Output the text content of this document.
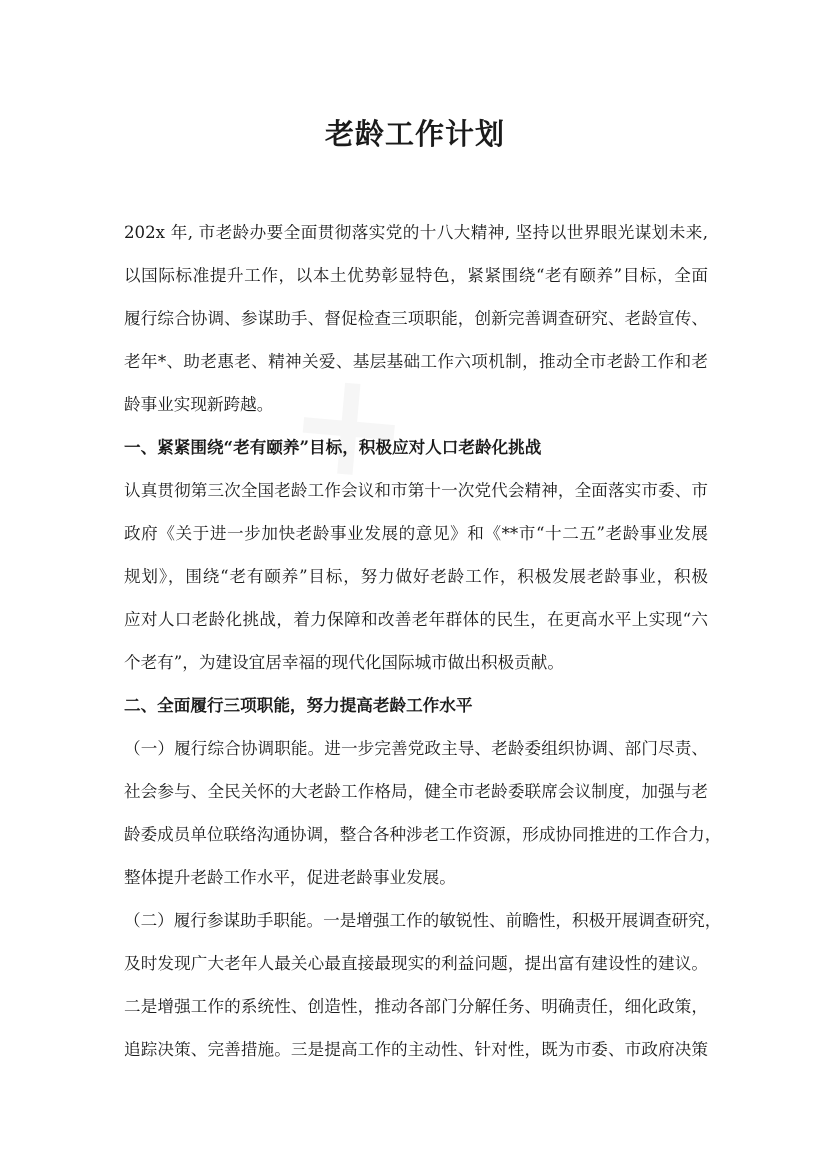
老龄工作计划
202x 年, 市老龄办要全面贯彻落实党的十八大精神, 坚持以世界眼光谋划未来,
以国际标准提升工作，以本土优势彰显特色，紧紧围绕“老有颐养”目标，全面
履行综合协调、参谋助手、督促检查三项职能，创新完善调查研究、老龄宣传、
老年*、助老惠老、精神关爱、基层基础工作六项机制，推动全市老龄工作和老
龄事业实现新跨越。
一、紧紧围绕“老有颐养”目标，积极应对人口老龄化挑战
认真贯彻第三次全国老龄工作会议和市第十一次党代会精神，全面落实市委、市
政府《关于进一步加快老龄事业发展的意见》和《**市“十二五”老龄事业发展
规划》，围绕“老有颐养”目标，努力做好老龄工作，积极发展老龄事业，积极
应对人口老龄化挑战，着力保障和改善老年群体的民生，在更高水平上实现“六
个老有”，为建设宜居幸福的现代化国际城市做出积极贡献。
二、全面履行三项职能，努力提高老龄工作水平
（一）履行综合协调职能。进一步完善党政主导、老龄委组织协调、部门尽责、
社会参与、全民关怀的大老龄工作格局，健全市老龄委联席会议制度，加强与老
龄委成员单位联络沟通协调，整合各种涉老工作资源，形成协同推进的工作合力，
整体提升老龄工作水平，促进老龄事业发展。
（二）履行参谋助手职能。一是增强工作的敏锐性、前瞻性，积极开展调查研究，
及时发现广大老年人最关心最直接最现实的利益问题，提出富有建设性的建议。
二是增强工作的系统性、创造性，推动各部门分解任务、明确责任，细化政策，
追踪决策、完善措施。三是提高工作的主动性、针对性，既为市委、市政府决策
